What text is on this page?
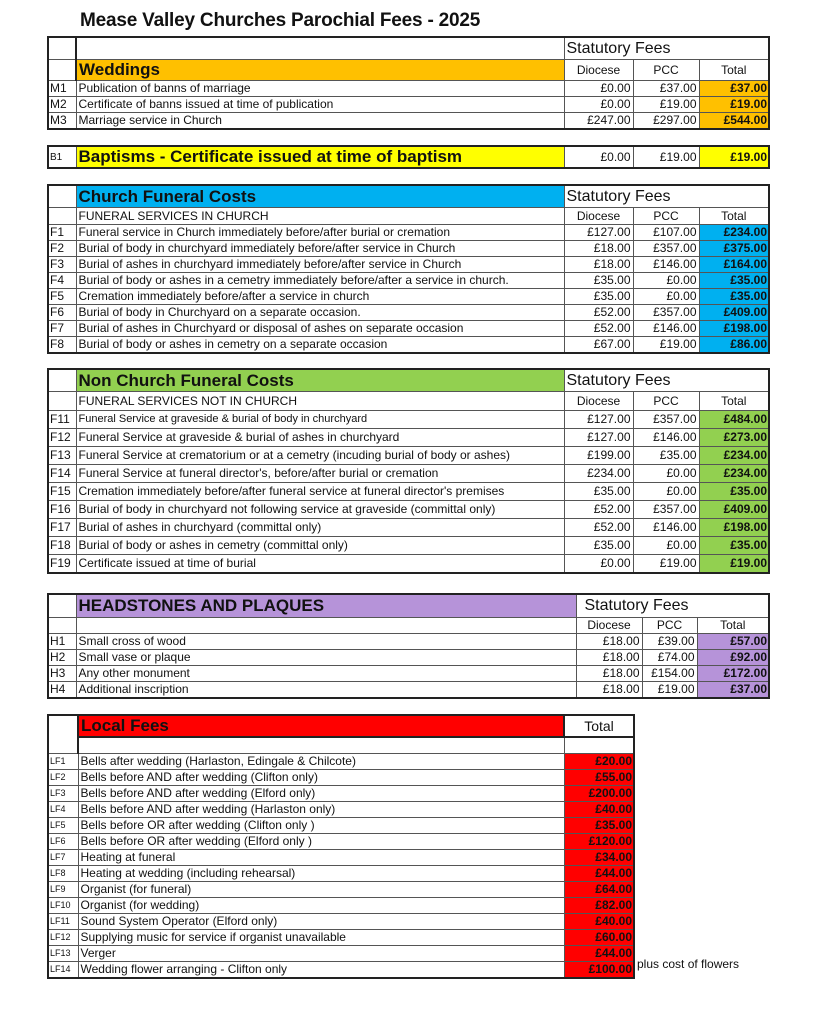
Mease Valley Churches Parochial Fees - 2025
		Statutory Fees		
	Weddings	Diocese	PCC	Total
M1	Publication of banns of marriage	£0.00	£37.00	£37.00
M2	Certificate of banns issued at time of publication	£0.00	£19.00	£19.00
M3	Marriage service in Church	£247.00	£297.00	£544.00
B1	Baptisms - Certificate issued at time of baptism	£0.00	£19.00	£19.00
	Church Funeral Costs	Statutory Fees		
	FUNERAL SERVICES IN CHURCH	Diocese	PCC	Total
F1	Funeral service in Church immediately before/after burial or cremation	£127.00	£107.00	£234.00
F2	Burial of body in churchyard immediately before/after service in Church	£18.00	£357.00	£375.00
F3	Burial of ashes in churchyard immediately before/after service in Church	£18.00	£146.00	£164.00
F4	Burial of body or ashes in a cemetry immediately before/after a service in church.	£35.00	£0.00	£35.00
F5	Cremation immediately before/after a service in church	£35.00	£0.00	£35.00
F6	Burial of body in Churchyard on a separate occasion.	£52.00	£357.00	£409.00
F7	Burial of ashes in Churchyard or disposal of ashes on separate occasion	£52.00	£146.00	£198.00
F8	Burial of body or ashes in cemetry on a separate occasion	£67.00	£19.00	£86.00
	Non Church Funeral Costs	Statutory Fees		
	FUNERAL SERVICES NOT IN CHURCH	Diocese	PCC	Total
F11	Funeral Service at graveside & burial of body in churchyard	£127.00	£357.00	£484.00
F12	Funeral Service at graveside & burial of ashes in churchyard	£127.00	£146.00	£273.00
F13	Funeral Service at crematorium or at a cemetry (incuding burial of body or ashes)	£199.00	£35.00	£234.00
F14	Funeral Service at funeral director's, before/after burial or cremation	£234.00	£0.00	£234.00
F15	Cremation immediately before/after funeral service at funeral director's premises	£35.00	£0.00	£35.00
F16	Burial of body in churchyard not following service at graveside (committal only)	£52.00	£357.00	£409.00
F17	Burial of ashes in churchyard (committal only)	£52.00	£146.00	£198.00
F18	Burial of body or ashes in cemetry (committal only)	£35.00	£0.00	£35.00
F19	Certificate issued at time of burial	£0.00	£19.00	£19.00
	HEADSTONES AND PLAQUES	Statutory Fees		
		Diocese	PCC	Total
H1	Small cross of wood	£18.00	£39.00	£57.00
H2	Small vase or plaque	£18.00	£74.00	£92.00
H3	Any other monument	£18.00	£154.00	£172.00
H4	Additional inscription	£18.00	£19.00	£37.00
	Local Fees	Total

LF1	Bells after wedding (Harlaston, Edingale & Chilcote)	£20.00
LF2	Bells before AND after wedding (Clifton only)	£55.00
LF3	Bells before AND after wedding (Elford only)	£200.00
LF4	Bells before AND after wedding (Harlaston only)	£40.00
LF5	Bells before OR after wedding (Clifton only )	£35.00
LF6	Bells before OR after wedding (Elford only )	£120.00
LF7	Heating at funeral	£34.00
LF8	Heating at wedding (including rehearsal)	£44.00
LF9	Organist (for funeral)	£64.00
LF10	Organist (for wedding)	£82.00
LF11	Sound System Operator (Elford only)	£40.00
LF12	Supplying music for service if organist unavailable	£60.00
LF13	Verger	£44.00
LF14	Wedding flower arranging - Clifton only	£100.00 plus cost of flowers
